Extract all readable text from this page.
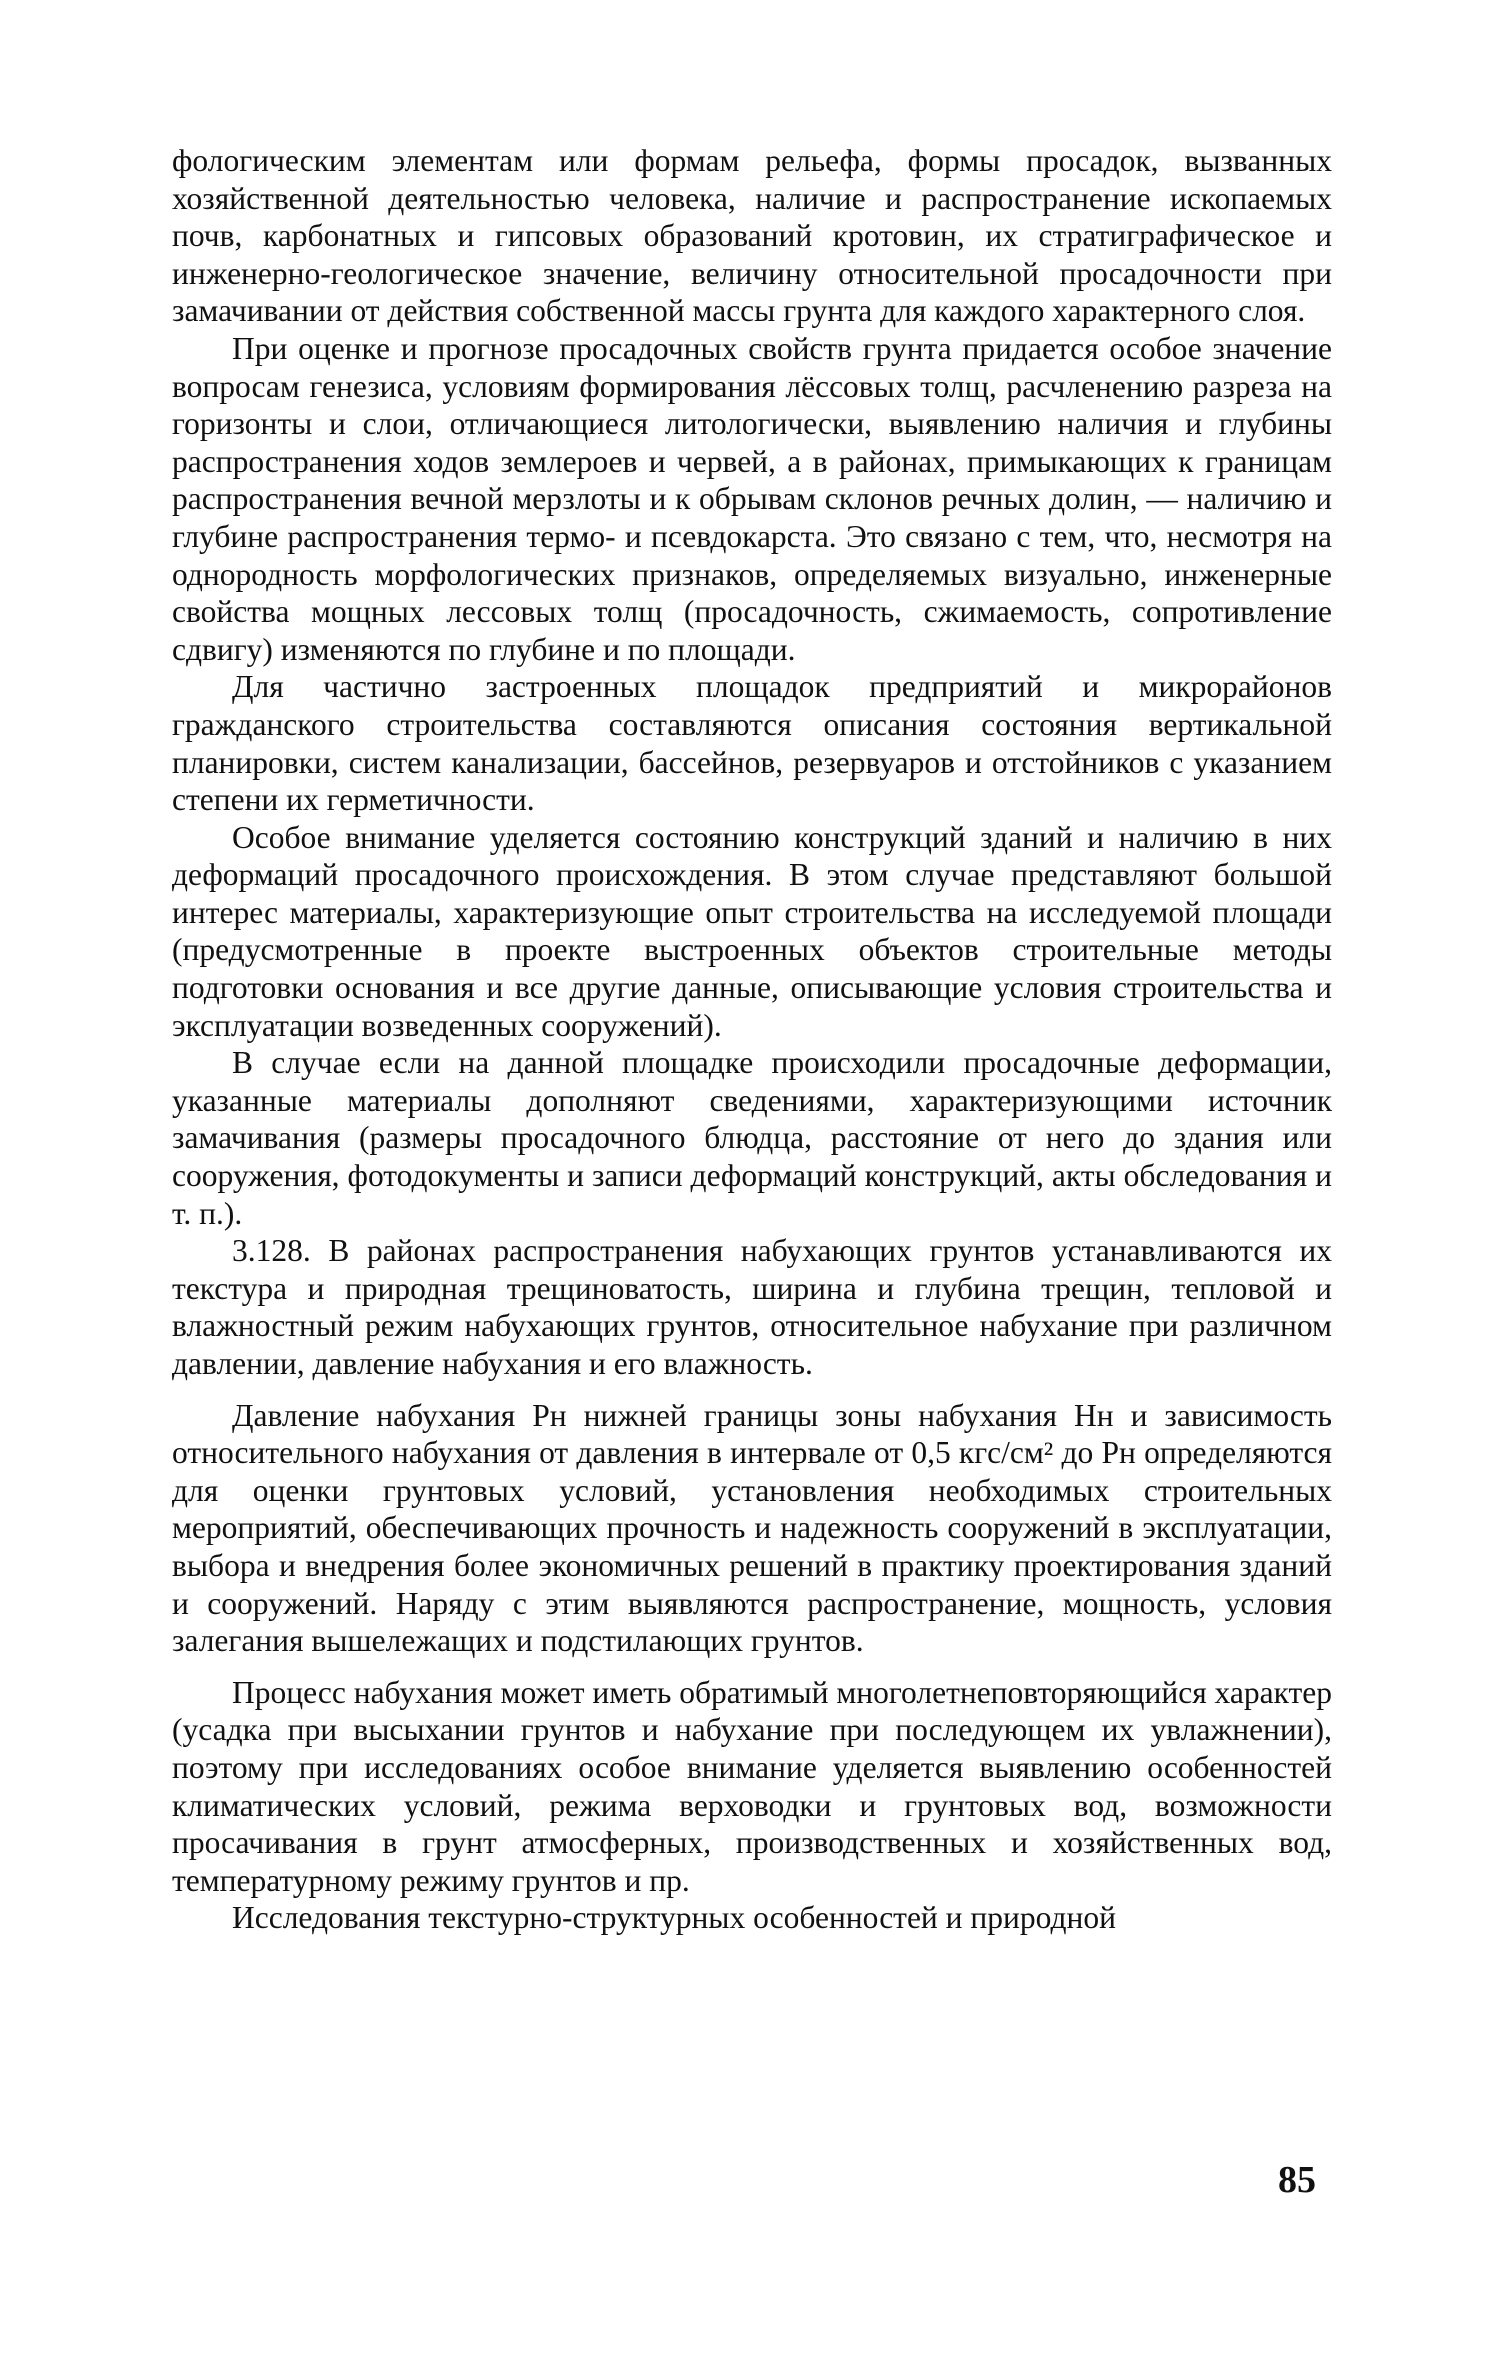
фологическим элементам или формам рельефа, формы просадок, вызванных хозяйственной деятельностью человека, наличие и распространение ископаемых почв, карбонатных и гипсовых образований кротовин, их стратиграфическое и инженерно-геологическое значение, величину относительной просадочности при замачивании от действия собственной массы грунта для каждого характерного слоя.

При оценке и прогнозе просадочных свойств грунта придается особое значение вопросам генезиса, условиям формирования лёссовых толщ, расчленению разреза на горизонты и слои, отличающиеся литологически, выявлению наличия и глубины распространения ходов землероев и червей, а в районах, примыкающих к границам распространения вечной мерзлоты и к обрывам склонов речных долин, — наличию и глубине распространения термо- и псевдокарста. Это связано с тем, что, несмотря на однородность морфологических признаков, определяемых визуально, инженерные свойства мощных лессовых толщ (просадочность, сжимаемость, сопротивление сдвигу) изменяются по глубине и по площади.

Для частично застроенных площадок предприятий и микрорайонов гражданского строительства составляются описания состояния вертикальной планировки, систем канализации, бассейнов, резервуаров и отстойников с указанием степени их герметичности.

Особое внимание уделяется состоянию конструкций зданий и наличию в них деформаций просадочного происхождения. В этом случае представляют большой интерес материалы, характеризующие опыт строительства на исследуемой площади (предусмотренные в проекте выстроенных объектов строительные методы подготовки основания и все другие данные, описывающие условия строительства и эксплуатации возведенных сооружений).

В случае если на данной площадке происходили просадочные деформации, указанные материалы дополняют сведениями, характеризующими источник замачивания (размеры просадочного блюдца, расстояние от него до здания или сооружения, фотодокументы и записи деформаций конструкций, акты обследования и т. п.).

3.128. В районах распространения набухающих грунтов устанавливаются их текстура и природная трещиноватость, ширина и глубина трещин, тепловой и влажностный режим набухающих грунтов, относительное набухание при различном давлении, давление набухания и его влажность.

Давление набухания Pн нижней границы зоны набухания Hн и зависимость относительного набухания от давления в интервале от 0,5 кгс/см² до Pн определяются для оценки грунтовых условий, установления необходимых строительных мероприятий, обеспечивающих прочность и надежность сооружений в эксплуатации, выбора и внедрения более экономичных решений в практику проектирования зданий и сооружений. Наряду с этим выявляются распространение, мощность, условия залегания вышележащих и подстилающих грунтов.

Процесс набухания может иметь обратимый многолетнеповторяющийся характер (усадка при высыхании грунтов и набухание при последующем их увлажнении), поэтому при исследованиях особое внимание уделяется выявлению особенностей климатических условий, режима верховодки и грунтовых вод, возможности просачивания в грунт атмосферных, производственных и хозяйственных вод, температурному режиму грунтов и пр.

Исследования текстурно-структурных особенностей и природной

85
